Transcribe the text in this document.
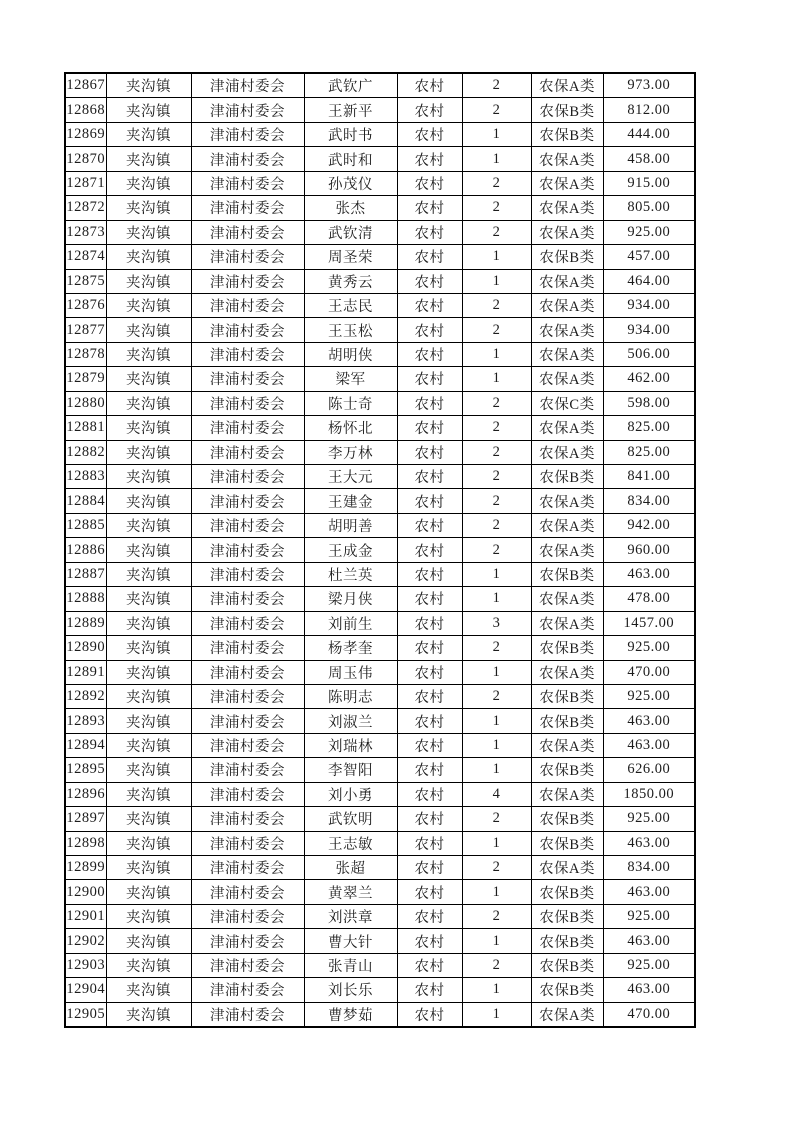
12867	夹沟镇	津浦村委会	武钦广	农村	2	农保A类	973.00
12868	夹沟镇	津浦村委会	王新平	农村	2	农保B类	812.00
12869	夹沟镇	津浦村委会	武时书	农村	1	农保B类	444.00
12870	夹沟镇	津浦村委会	武时和	农村	1	农保A类	458.00
12871	夹沟镇	津浦村委会	孙茂仪	农村	2	农保A类	915.00
12872	夹沟镇	津浦村委会	张杰	农村	2	农保A类	805.00
12873	夹沟镇	津浦村委会	武钦清	农村	2	农保A类	925.00
12874	夹沟镇	津浦村委会	周圣荣	农村	1	农保B类	457.00
12875	夹沟镇	津浦村委会	黄秀云	农村	1	农保A类	464.00
12876	夹沟镇	津浦村委会	王志民	农村	2	农保A类	934.00
12877	夹沟镇	津浦村委会	王玉松	农村	2	农保A类	934.00
12878	夹沟镇	津浦村委会	胡明侠	农村	1	农保A类	506.00
12879	夹沟镇	津浦村委会	梁军	农村	1	农保A类	462.00
12880	夹沟镇	津浦村委会	陈士奇	农村	2	农保C类	598.00
12881	夹沟镇	津浦村委会	杨怀北	农村	2	农保A类	825.00
12882	夹沟镇	津浦村委会	李万林	农村	2	农保A类	825.00
12883	夹沟镇	津浦村委会	王大元	农村	2	农保B类	841.00
12884	夹沟镇	津浦村委会	王建金	农村	2	农保A类	834.00
12885	夹沟镇	津浦村委会	胡明善	农村	2	农保A类	942.00
12886	夹沟镇	津浦村委会	王成金	农村	2	农保A类	960.00
12887	夹沟镇	津浦村委会	杜兰英	农村	1	农保B类	463.00
12888	夹沟镇	津浦村委会	梁月侠	农村	1	农保A类	478.00
12889	夹沟镇	津浦村委会	刘前生	农村	3	农保A类	1457.00
12890	夹沟镇	津浦村委会	杨孝奎	农村	2	农保B类	925.00
12891	夹沟镇	津浦村委会	周玉伟	农村	1	农保A类	470.00
12892	夹沟镇	津浦村委会	陈明志	农村	2	农保B类	925.00
12893	夹沟镇	津浦村委会	刘淑兰	农村	1	农保B类	463.00
12894	夹沟镇	津浦村委会	刘瑞林	农村	1	农保A类	463.00
12895	夹沟镇	津浦村委会	李智阳	农村	1	农保B类	626.00
12896	夹沟镇	津浦村委会	刘小勇	农村	4	农保A类	1850.00
12897	夹沟镇	津浦村委会	武钦明	农村	2	农保B类	925.00
12898	夹沟镇	津浦村委会	王志敏	农村	1	农保B类	463.00
12899	夹沟镇	津浦村委会	张超	农村	2	农保A类	834.00
12900	夹沟镇	津浦村委会	黄翠兰	农村	1	农保B类	463.00
12901	夹沟镇	津浦村委会	刘洪章	农村	2	农保B类	925.00
12902	夹沟镇	津浦村委会	曹大针	农村	1	农保B类	463.00
12903	夹沟镇	津浦村委会	张青山	农村	2	农保B类	925.00
12904	夹沟镇	津浦村委会	刘长乐	农村	1	农保B类	463.00
12905	夹沟镇	津浦村委会	曹梦茹	农村	1	农保A类	470.00
